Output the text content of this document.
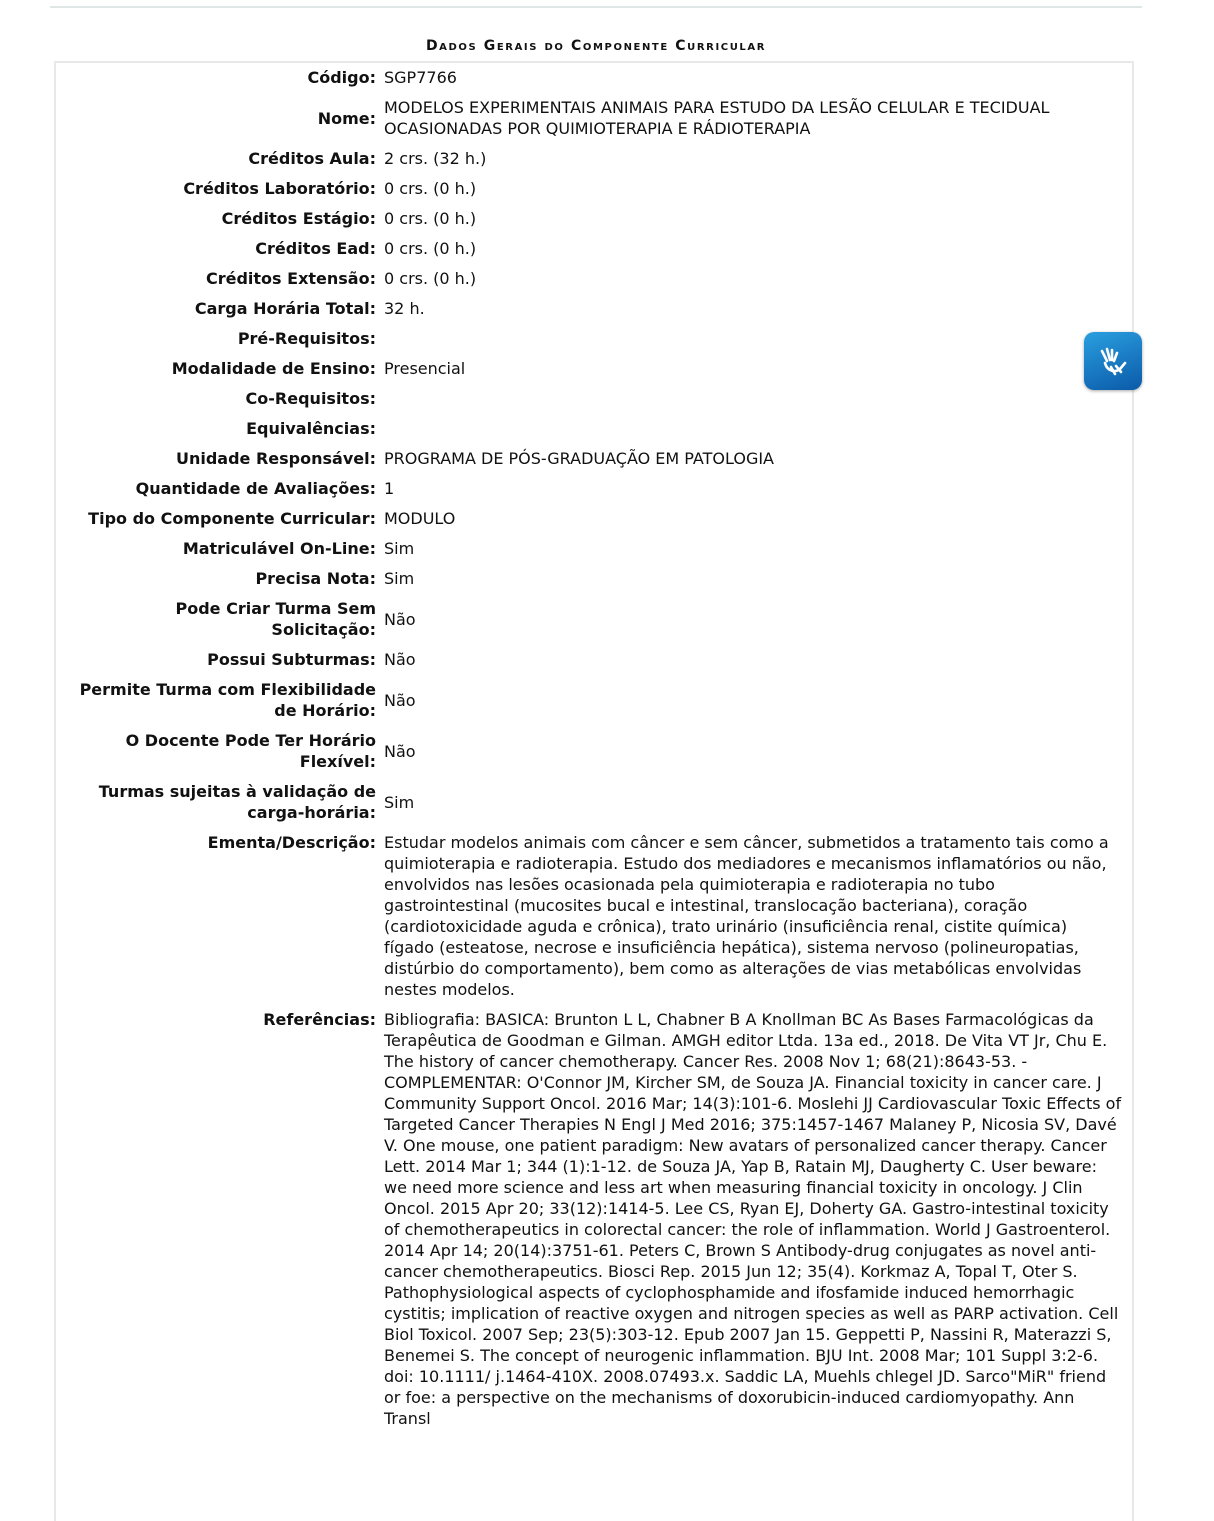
Dados Gerais do Componente Curricular
Código:	SGP7766
Nome:	MODELOS EXPERIMENTAIS ANIMAIS PARA ESTUDO DA LESÃO CELULAR E TECIDUAL OCASIONADAS POR QUIMIOTERAPIA E RÁDIOTERAPIA
Créditos Aula:	2 crs. (32 h.)
Créditos Laboratório:	0 crs. (0 h.)
Créditos Estágio:	0 crs. (0 h.)
Créditos Ead:	0 crs. (0 h.)
Créditos Extensão:	0 crs. (0 h.)
Carga Horária Total:	32 h.
Pré-Requisitos:	
Modalidade de Ensino:	Presencial
Co-Requisitos:	
Equivalências:	
Unidade Responsável:	PROGRAMA DE PÓS-GRADUAÇÃO EM PATOLOGIA
Quantidade de Avaliações:	1
Tipo do Componente Curricular:	MODULO
Matriculável On-Line:	Sim
Precisa Nota:	Sim
Pode Criar Turma Sem Solicitação:	Não
Possui Subturmas:	Não
Permite Turma com Flexibilidade de Horário:	Não
O Docente Pode Ter Horário Flexível:	Não
Turmas sujeitas à validação de carga-horária:	Sim
Ementa/Descrição:	Estudar modelos animais com câncer e sem câncer, submetidos a tratamento tais como a quimioterapia e radioterapia. Estudo dos mediadores e mecanismos inflamatórios ou não, envolvidos nas lesões ocasionada pela quimioterapia e radioterapia no tubo gastrointestinal (mucosites bucal e intestinal, translocação bacteriana), coração (cardiotoxicidade aguda e crônica), trato urinário (insuficiência renal, cistite química) fígado (esteatose, necrose e insuficiência hepática), sistema nervoso (polineuropatias, distúrbio do comportamento), bem como as alterações de vias metabólicas envolvidas nestes modelos.
Referências:	Bibliografia: BASICA: Brunton L L, Chabner B A Knollman BC As Bases Farmacológicas da Terapêutica de Goodman e Gilman. AMGH editor Ltda. 13a ed., 2018. De Vita VT Jr, Chu E. The history of cancer chemotherapy. Cancer Res. 2008 Nov 1; 68(21):8643-53. - COMPLEMENTAR: O'Connor JM, Kircher SM, de Souza JA. Financial toxicity in cancer care. J Community Support Oncol. 2016 Mar; 14(3):101-6. Moslehi JJ Cardiovascular Toxic Effects of Targeted Cancer Therapies N Engl J Med 2016; 375:1457-1467 Malaney P, Nicosia SV, Davé V. One mouse, one patient paradigm: New avatars of personalized cancer therapy. Cancer Lett. 2014 Mar 1; 344 (1):1-12. de Souza JA, Yap B, Ratain MJ, Daugherty C. User beware: we need more science and less art when measuring financial toxicity in oncology. J Clin Oncol. 2015 Apr 20; 33(12):1414-5. Lee CS, Ryan EJ, Doherty GA. Gastro-intestinal toxicity of chemotherapeutics in colorectal cancer: the role of inflammation. World J Gastroenterol. 2014 Apr 14; 20(14):3751-61. Peters C, Brown S Antibody-drug conjugates as novel anti-cancer chemotherapeutics. Biosci Rep. 2015 Jun 12; 35(4). Korkmaz A, Topal T, Oter S. Pathophysiological aspects of cyclophosphamide and ifosfamide induced hemorrhagic cystitis; implication of reactive oxygen and nitrogen species as well as PARP activation. Cell Biol Toxicol. 2007 Sep; 23(5):303-12. Epub 2007 Jan 15. Geppetti P, Nassini R, Materazzi S, Benemei S. The concept of neurogenic inflammation. BJU Int. 2008 Mar; 101 Suppl 3:2-6. doi: 10.1111/ j.1464-410X. 2008.07493.x. Saddic LA, Muehls chlegel JD. Sarco"MiR" friend or foe: a perspective on the mechanisms of doxorubicin-induced cardiomyopathy. Ann Transl
